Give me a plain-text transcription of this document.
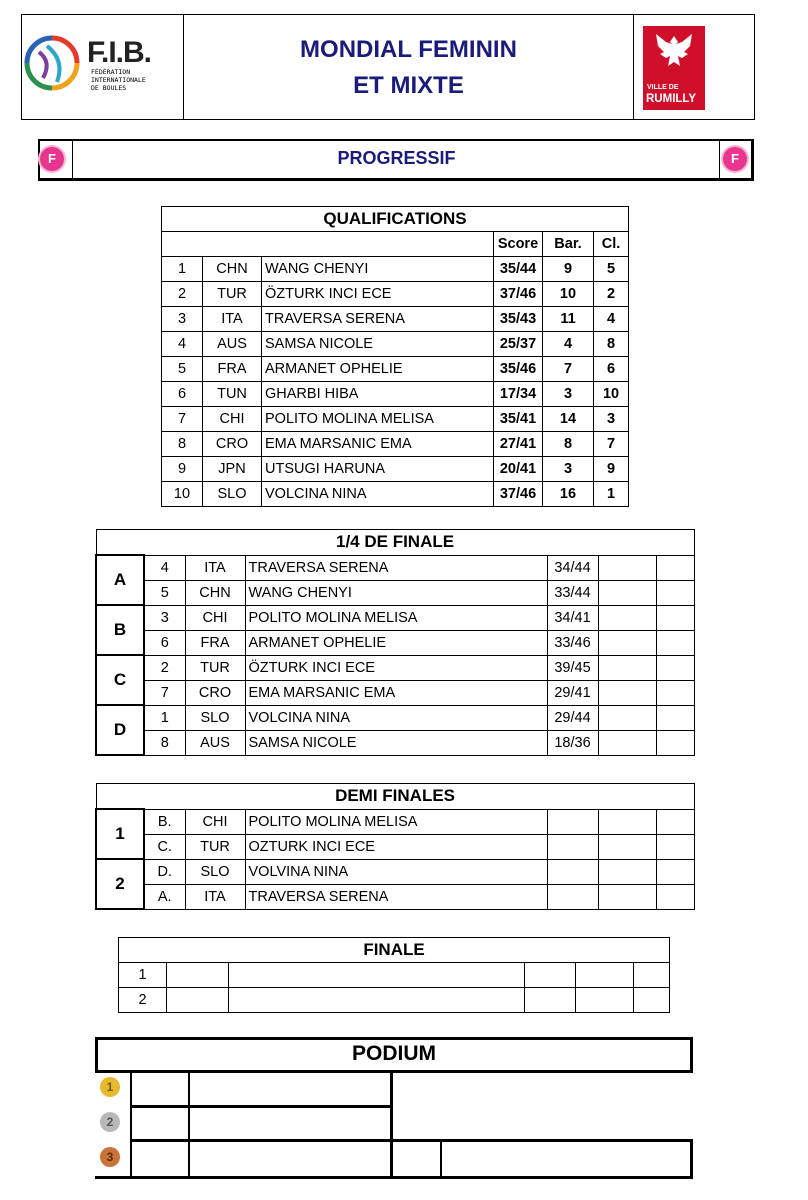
F.I.B.
FÉDÉRATION
INTERNATIONALE
DE BOULES
MONDIAL FEMININ
ET MIXTE	VILLE DE
RUMILLY
F	F
PROGRESSIF
QUALIFICATIONS					
			Score	Bar.	Cl.
1	CHN	WANG CHENYI	35/44	9	5
2	TUR	ÖZTURK INCI ECE	37/46	10	2
3	ITA	TRAVERSA SERENA	35/43	11	4
4	AUS	SAMSA NICOLE	25/37	4	8
5	FRA	ARMANET OPHELIE	35/46	7	6
6	TUN	GHARBI HIBA	17/34	3	10
7	CHI	POLITO MOLINA MELISA	35/41	14	3
8	CRO	EMA MARSANIC EMA	27/41	8	7
9	JPN	UTSUGI HARUNA	20/41	3	9
10	SLO	VOLCINA NINA	37/46	16	1
1/4 DE FINALE						
A	4	ITA	TRAVERSA SERENA	34/44		
	5	CHN	WANG CHENYI	33/44		
B	3	CHI	POLITO MOLINA MELISA	34/41		
	6	FRA	ARMANET OPHELIE	33/46		
C	2	TUR	ÖZTURK INCI ECE	39/45		
	7	CRO	EMA MARSANIC EMA	29/41		
D	1	SLO	VOLCINA NINA	29/44		
	8	AUS	SAMSA NICOLE	18/36		
DEMI FINALES						
1	B.	CHI	POLITO MOLINA MELISA			
	C.	TUR	OZTURK INCI ECE			
2	D.	SLO	VOLVINA NINA			
	A.	ITA	TRAVERSA SERENA			
FINALE					
1					
2					
PODIUM
1
2
3
